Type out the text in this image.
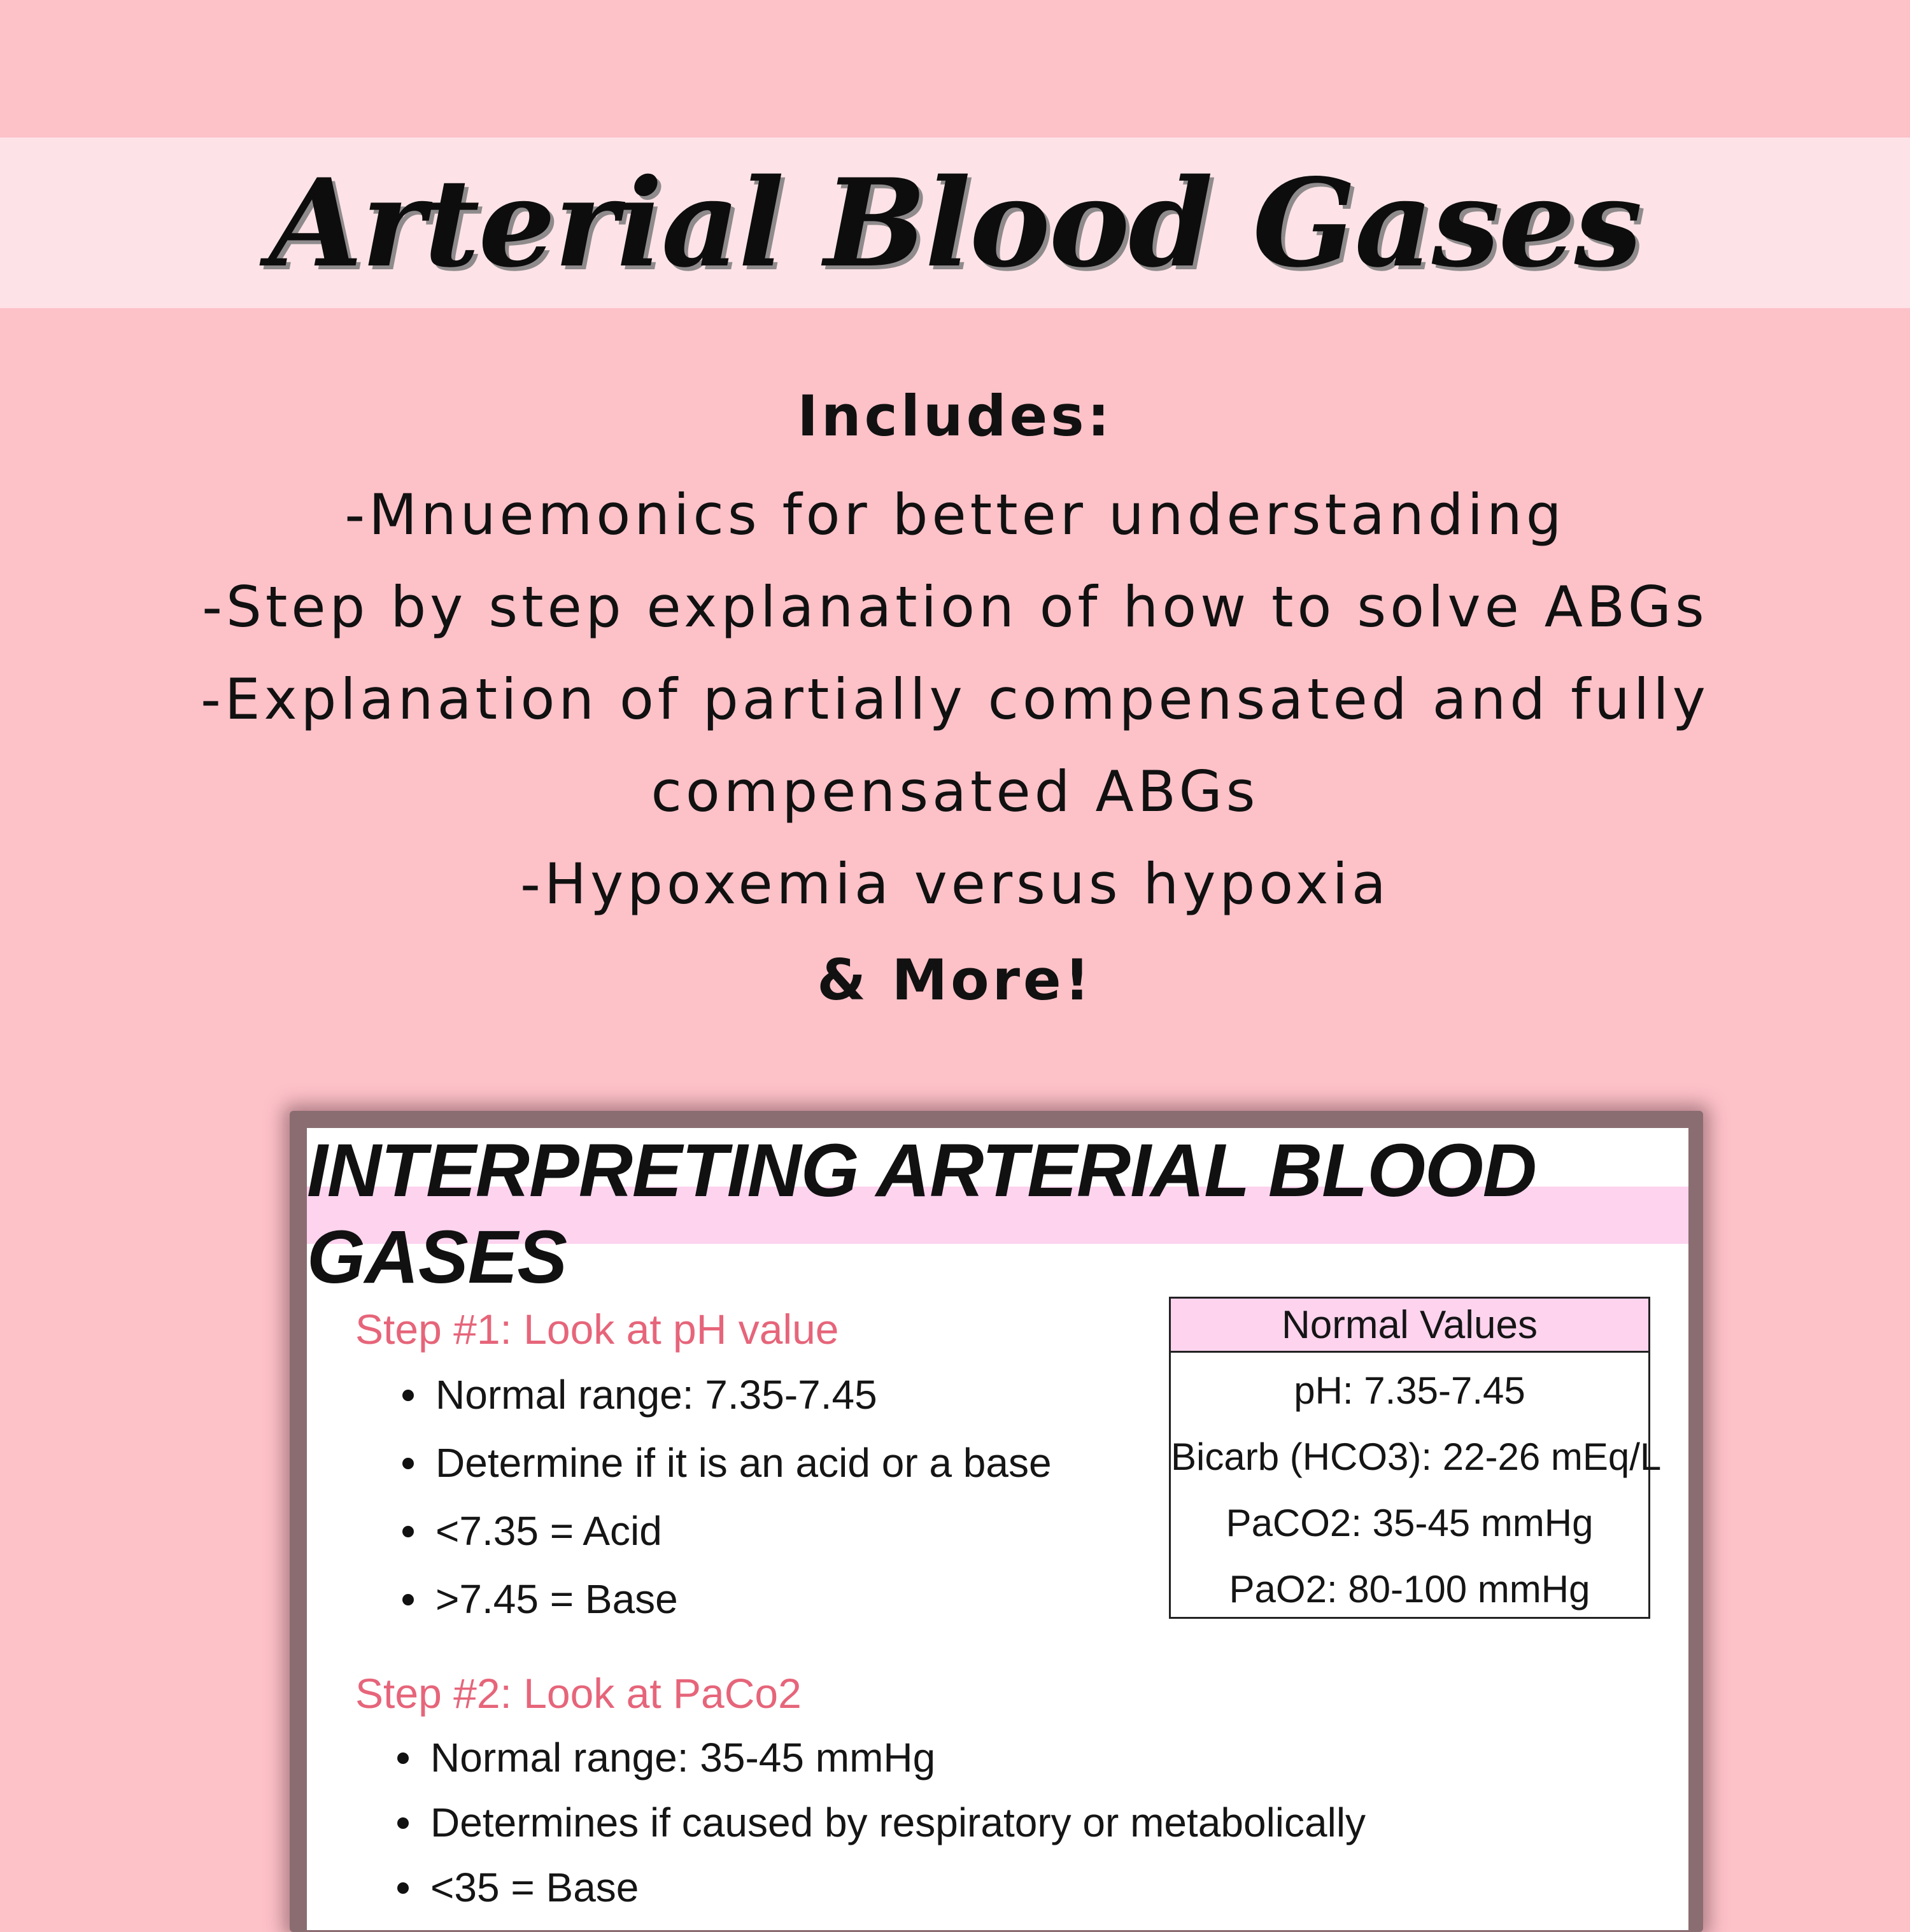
Arterial Blood Gases
Includes:
-Mnuemonics for better understanding
-Step by step explanation of how to solve ABGs
-Explanation of partially compensated and fully
compensated ABGs
-Hypoxemia versus hypoxia
& More!
INTERPRETING ARTERIAL BLOOD GASES
Step #1: Look at pH value
Normal range: 7.35-7.45
Determine if it is an acid or a base
<7.35 = Acid
>7.45 = Base
Step #2: Look at PaCo2
Normal range: 35-45 mmHg
Determines if caused by respiratory or metabolically
<35 = Base
Normal Values
pH: 7.35-7.45
Bicarb (HCO3): 22-26 mEq/L
PaCO2: 35-45 mmHg
PaO2: 80-100 mmHg
